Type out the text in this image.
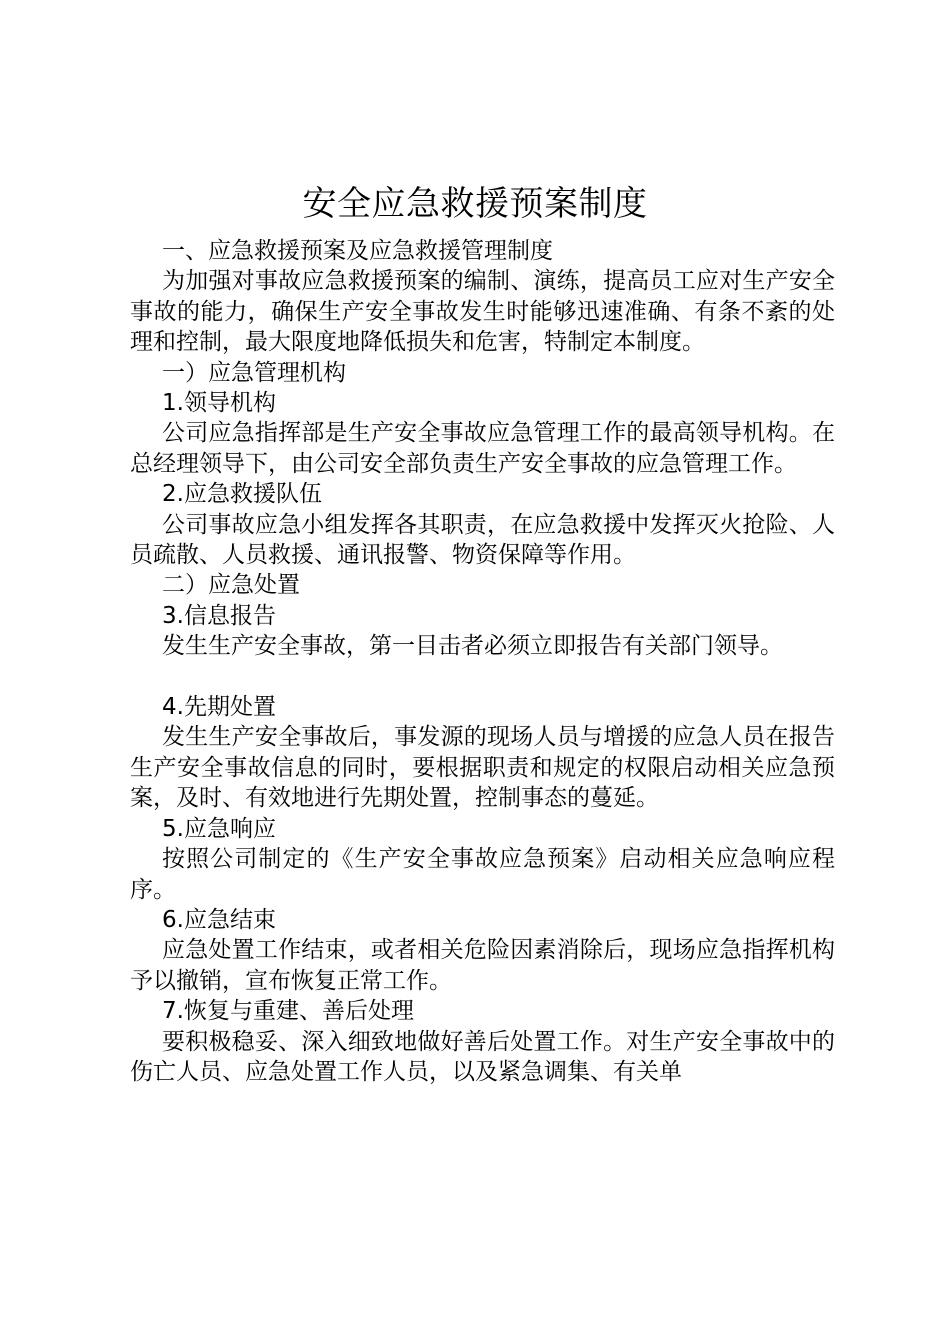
安全应急救援预案制度

一、应急救援预案及应急救援管理制度

为加强对事故应急救援预案的编制、演练，提高员工应对生产安全事故的能力，确保生产安全事故发生时能够迅速准确、有条不紊的处理和控制，最大限度地降低损失和危害，特制定本制度。

一）应急管理机构

1.领导机构

公司应急指挥部是生产安全事故应急管理工作的最高领导机构。在总经理领导下，由公司安全部负责生产安全事故的应急管理工作。

2.应急救援队伍

公司事故应急小组发挥各其职责，在应急救援中发挥灭火抢险、人员疏散、人员救援、通讯报警、物资保障等作用。

二）应急处置

3.信息报告

发生生产安全事故，第一目击者必须立即报告有关部门领导。

4.先期处置

发生生产安全事故后，事发源的现场人员与增援的应急人员在报告生产安全事故信息的同时，要根据职责和规定的权限启动相关应急预案，及时、有效地进行先期处置，控制事态的蔓延。

5.应急响应

按照公司制定的《生产安全事故应急预案》启动相关应急响应程序。

6.应急结束

应急处置工作结束，或者相关危险因素消除后，现场应急指挥机构予以撤销，宣布恢复正常工作。

7.恢复与重建、善后处理

要积极稳妥、深入细致地做好善后处置工作。对生产安全事故中的伤亡人员、应急处置工作人员，以及紧急调集、有关单
